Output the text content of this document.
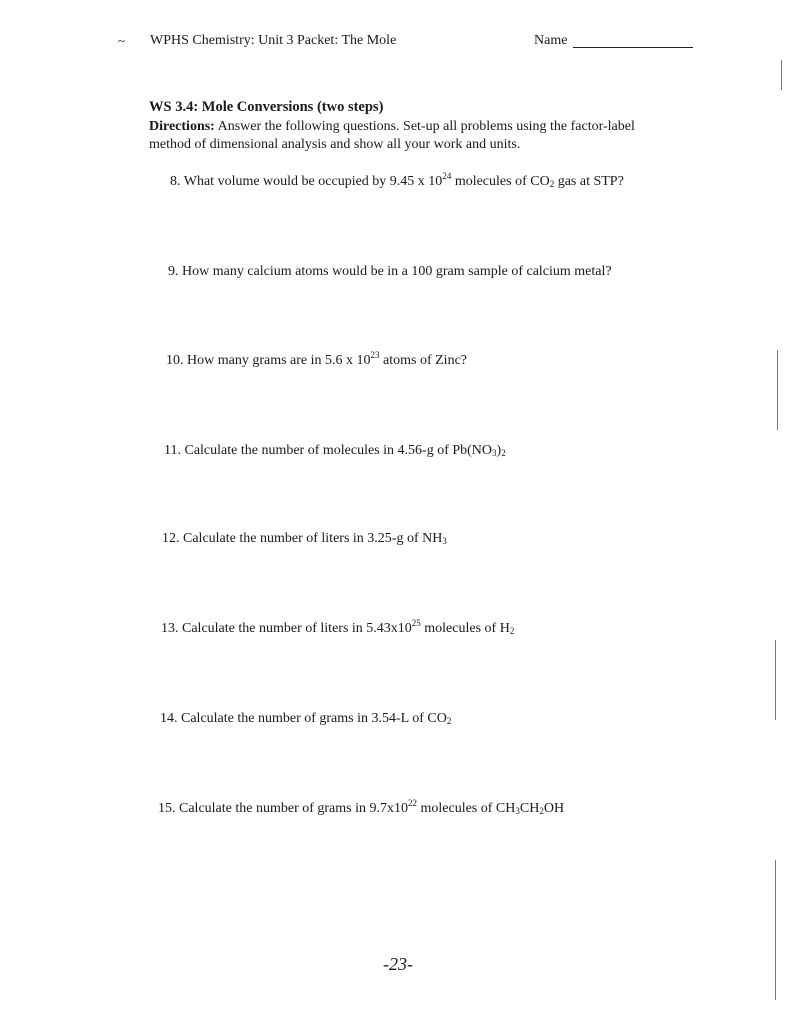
~ WPHS Chemistry: Unit 3 Packet: The Mole	Name
WS 3.4: Mole Conversions (two steps)
Directions: Answer the following questions. Set-up all problems using the factor-label method of dimensional analysis and show all your work and units.
8. What volume would be occupied by 9.45 x $10^{24}$ molecules of $CO_2$ gas at STP?
9. How many calcium atoms would be in a 100 gram sample of calcium metal?
10. How many grams are in 5.6 x $10^{23}$ atoms of Zinc?
11. Calculate the number of molecules in 4.56-g of $Pb(NO_3)_2$
12. Calculate the number of liters in 3.25-g of $NH_3$
13. Calculate the number of liters in $5.43x10^{25}$ molecules of $H_2$
14. Calculate the number of grams in 3.54-L of $CO_2$
15. Calculate the number of grams in $9.7x10^{22}$ molecules of $CH_3CH_2OH$
-23-
